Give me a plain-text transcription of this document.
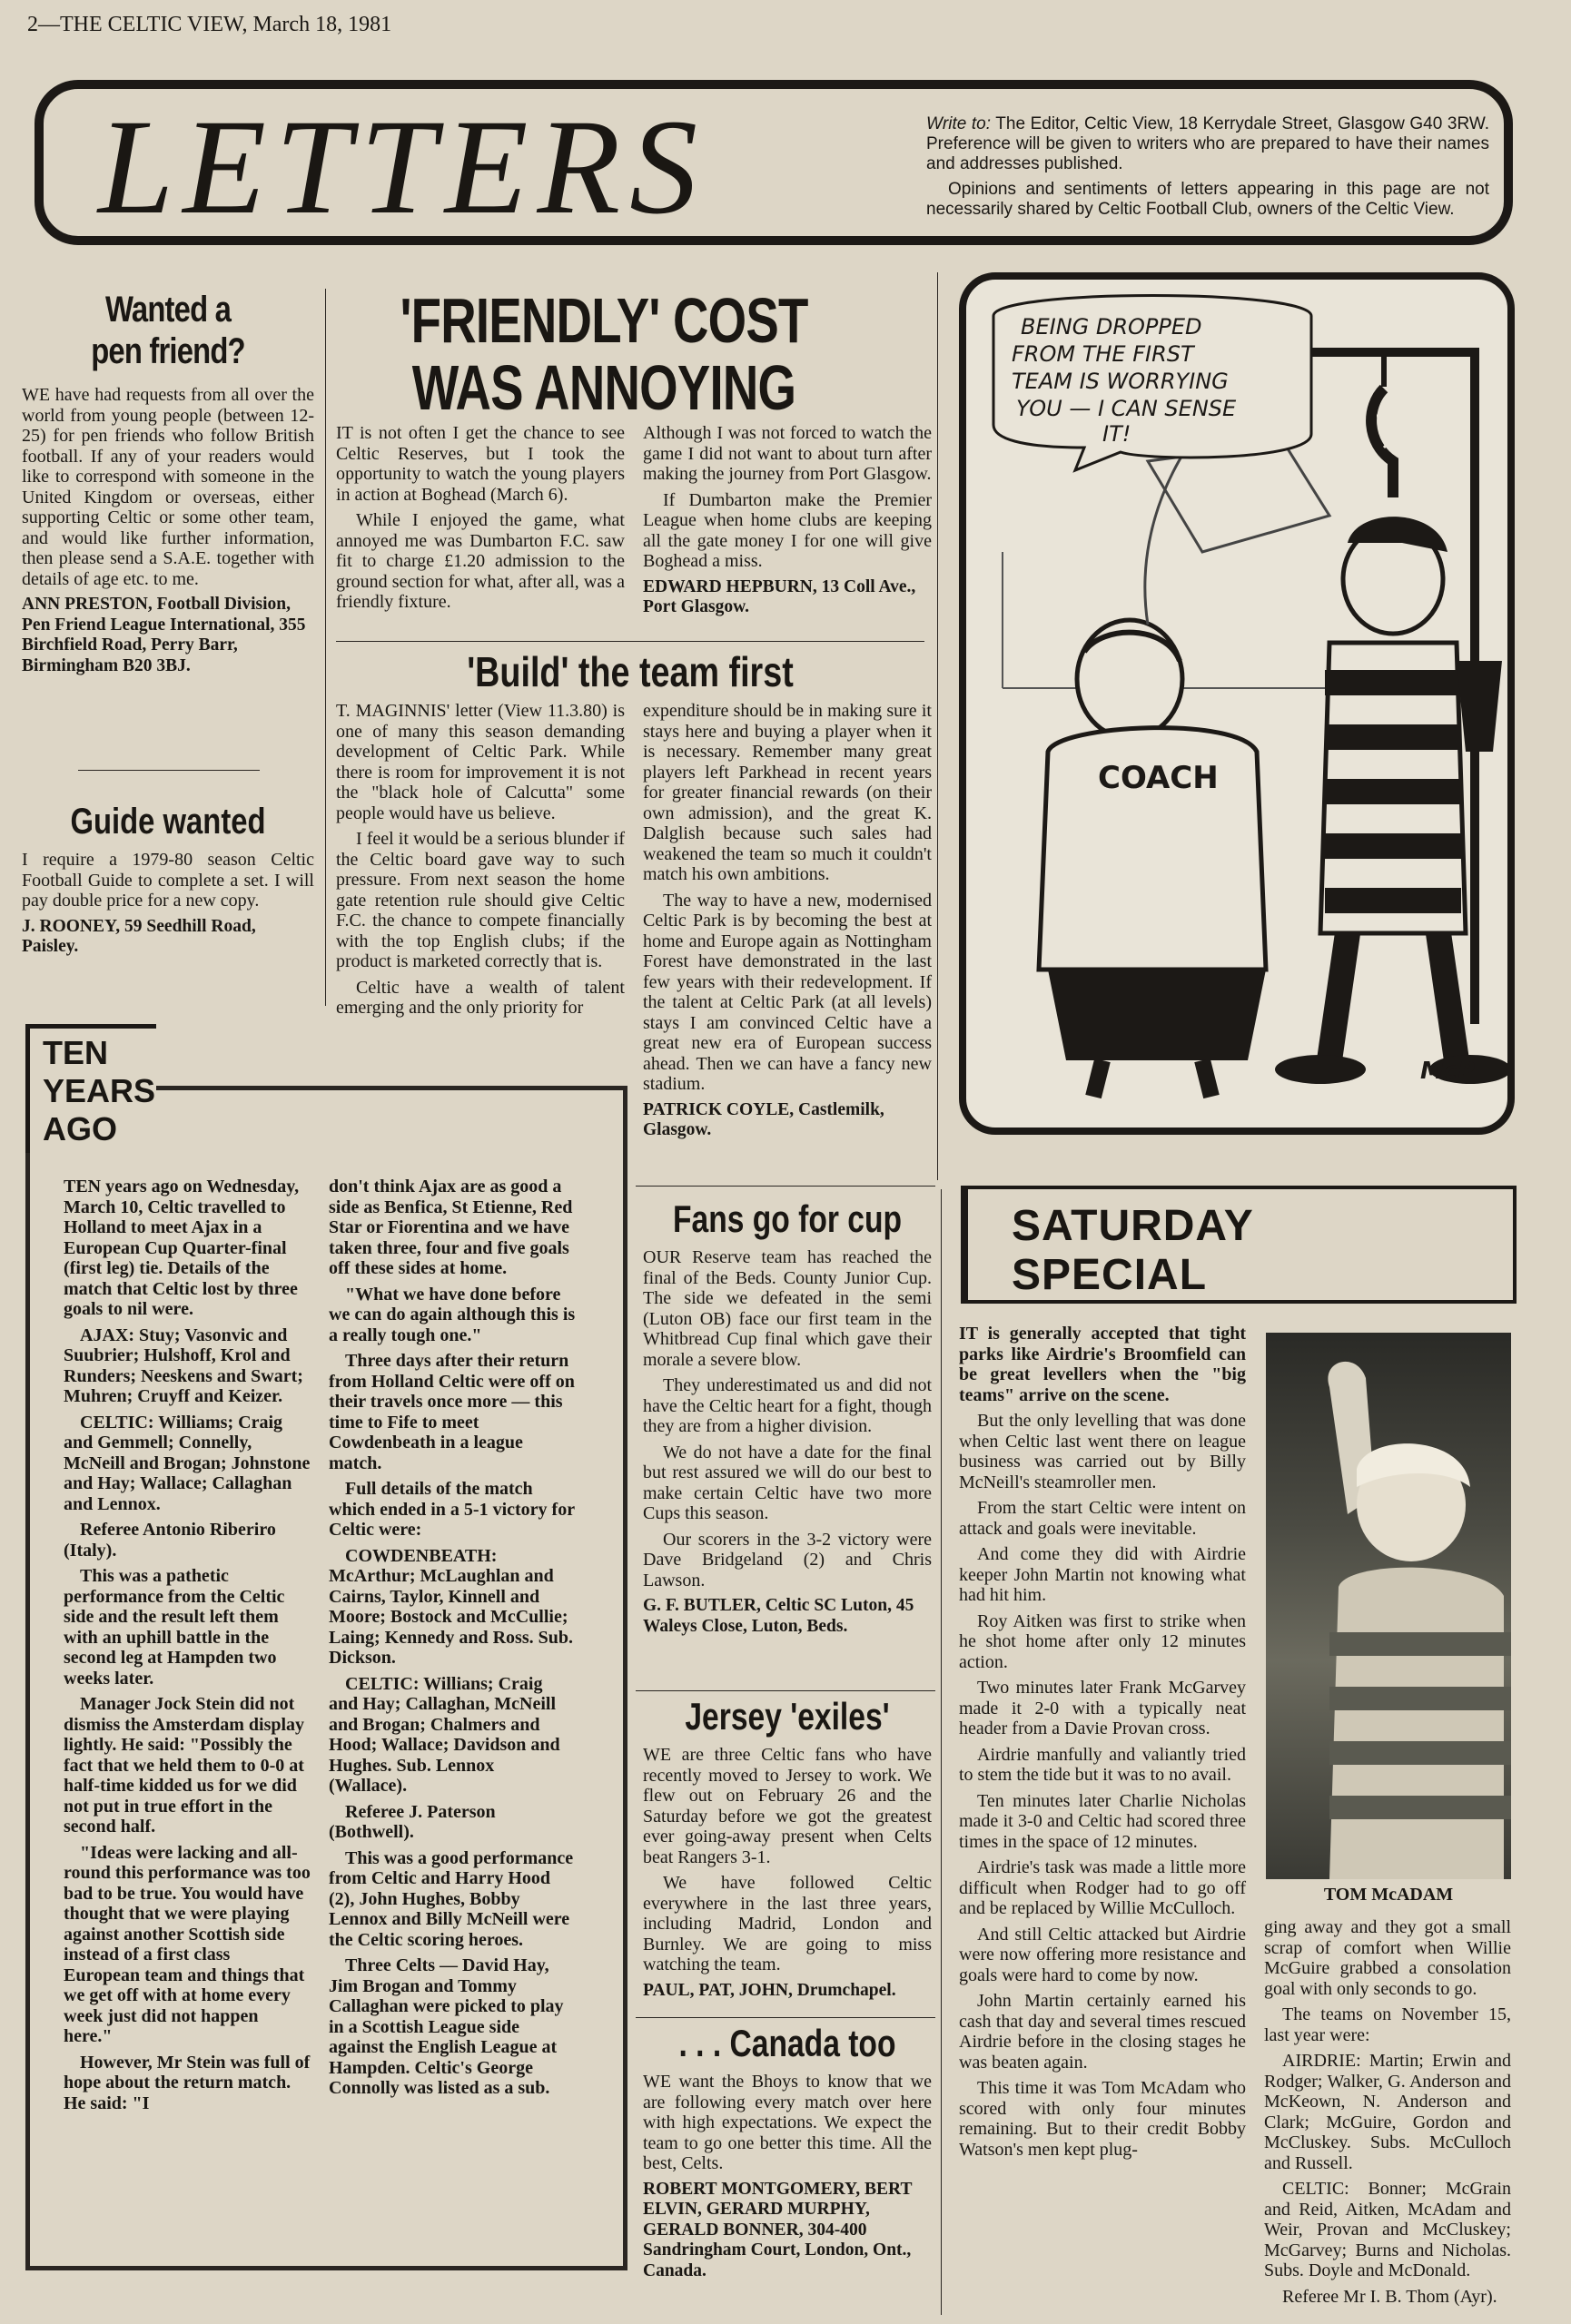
2—THE CELTIC VIEW, March 18, 1981
LETTERS	Write to: The Editor, Celtic View, 18 Kerrydale Street, Glasgow G40 3RW. Preference will be given to writers who are prepared to have their names and addresses published.
Opinions and sentiments of letters appearing in this page are not necessarily shared by Celtic Football Club, owners of the Celtic View.
Wanted a
pen friend?

WE have had requests from all over the world from young people (between 12-25) for pen friends who follow British football. If any of your readers would like to correspond with someone in the United Kingdom or overseas, either supporting Celtic or some other team, and would like further information, then please send a S.A.E. together with details of age etc. to me.

ANN PRESTON, Football Division, Pen Friend League International, 355 Birchfield Road, Perry Barr, Birmingham B20 3BJ.

Guide wanted

I require a 1979-80 season Celtic Football Guide to complete a set. I will pay double price for a new copy.

J. ROONEY, 59 Seedhill Road, Paisley.

'FRIENDLY' COST
WAS ANNOYING

IT is not often I get the chance to see Celtic Reserves, but I took the opportunity to watch the young players in action at Boghead (March 6).

While I enjoyed the game, what annoyed me was Dumbarton F.C. saw fit to charge £1.20 admission to the ground section for what, after all, was a friendly fixture.

Although I was not forced to watch the game I did not want to about turn after making the journey from Port Glasgow.

If Dumbarton make the Premier League when home clubs are keeping all the gate money I for one will give Boghead a miss.

EDWARD HEPBURN, 13 Coll Ave., Port Glasgow.

'Build' the team first

T. MAGINNIS' letter (View 11.3.80) is one of many this season demanding development of Celtic Park. While there is room for improvement it is not the "black hole of Calcutta" some people would have us believe.

I feel it would be a serious blunder if the Celtic board gave way to such pressure. From next season the home gate retention rule should give Celtic F.C. the chance to compete financially with the top English clubs; if the product is marketed correctly that is.

Celtic have a wealth of talent emerging and the only priority for

expenditure should be in making sure it stays here and buying a player when it is necessary. Remember many great players left Parkhead in recent years for greater financial rewards (on their own admission), and the great K. Dalglish because such sales had weakened the team so much it couldn't match his own ambitions.

The way to have a new, modernised Celtic Park is by becoming the best at home and Europe again as Nottingham Forest have demonstrated in the last few years with their redevelopment. If the talent at Celtic Park (at all levels) stays I am convinced Celtic have a great new era of European success ahead. Then we can have a fancy new stadium.

PATRICK COYLE, Castlemilk, Glasgow.

COACH
BEING DROPPED
FROM THE FIRST
TEAM IS WORRYING
YOU — I CAN SENSE
IT!
McP
TEN
YEARS
AGO

TEN years ago on Wednesday, March 10, Celtic travelled to Holland to meet Ajax in a European Cup Quarter-final (first leg) tie. Details of the match that Celtic lost by three goals to nil were.

AJAX: Stuy; Vasonvic and Suubrier; Hulshoff, Krol and Runders; Neeskens and Swart; Muhren; Cruyff and Keizer.

CELTIC: Williams; Craig and Gemmell; Connelly, McNeill and Brogan; Johnstone and Hay; Wallace; Callaghan and Lennox.

Referee Antonio Riberiro (Italy).

This was a pathetic performance from the Celtic side and the result left them with an uphill battle in the second leg at Hampden two weeks later.

Manager Jock Stein did not dismiss the Amsterdam display lightly. He said: "Possibly the fact that we held them to 0-0 at half-time kidded us for we did not put in true effort in the second half.

"Ideas were lacking and all-round this performance was too bad to be true. You would have thought that we were playing against another Scottish side instead of a first class European team and things that we get off with at home every week just did not happen here."

However, Mr Stein was full of hope about the return match. He said: "I

don't think Ajax are as good a side as Benfica, St Etienne, Red Star or Fiorentina and we have taken three, four and five goals off these sides at home.

"What we have done before we can do again although this is a really tough one."

Three days after their return from Holland Celtic were off on their travels once more — this time to Fife to meet Cowdenbeath in a league match.

Full details of the match which ended in a 5-1 victory for Celtic were:

COWDENBEATH: McArthur; McLaughlan and Cairns, Taylor, Kinnell and Moore; Bostock and McCullie; Laing; Kennedy and Ross. Sub. Dickson.

CELTIC: Willians; Craig and Hay; Callaghan, McNeill and Brogan; Chalmers and Hood; Wallace; Davidson and Hughes. Sub. Lennox (Wallace).

Referee J. Paterson (Bothwell).

This was a good performance from Celtic and Harry Hood (2), John Hughes, Bobby Lennox and Billy McNeill were the Celtic scoring heroes.

Three Celts — David Hay, Jim Brogan and Tommy Callaghan were picked to play in a Scottish League side against the English League at Hampden. Celtic's George Connolly was listed as a sub.

Fans go for cup

OUR Reserve team has reached the final of the Beds. County Junior Cup. The side we defeated in the semi (Luton OB) face our first team in the Whitbread Cup final which gave their morale a severe blow.

They underestimated us and did not have the Celtic heart for a fight, though they are from a higher division.

We do not have a date for the final but rest assured we will do our best to make certain Celtic have two more Cups this season.

Our scorers in the 3-2 victory were Dave Bridgeland (2) and Chris Lawson.

G. F. BUTLER, Celtic SC Luton, 45 Waleys Close, Luton, Beds.

Jersey 'exiles'

WE are three Celtic fans who have recently moved to Jersey to work. We flew out on February 26 and the Saturday before we got the greatest ever going-away present when Celts beat Rangers 3-1.

We have followed Celtic everywhere in the last three years, including Madrid, London and Burnley. We are going to miss watching the team.

PAUL, PAT, JOHN, Drumchapel.

. . . Canada too

WE want the Bhoys to know that we are following every match over here with high expectations. We expect the team to go one better this time. All the best, Celts.

ROBERT MONTGOMERY, BERT ELVIN, GERARD MURPHY, GERALD BONNER, 304-400 Sandringham Court, London, Ont., Canada.

SATURDAY
SPECIAL

IT is generally accepted that tight parks like Airdrie's Broomfield can be great levellers when the "big teams" arrive on the scene.

But the only levelling that was done when Celtic last went there on league business was carried out by Billy McNeill's steamroller men.

From the start Celtic were intent on attack and goals were inevitable.

And come they did with Airdrie keeper John Martin not knowing what had hit him.

Roy Aitken was first to strike when he shot home after only 12 minutes action.

Two minutes later Frank McGarvey made it 2-0 with a typically neat header from a Davie Provan cross.

Airdrie manfully and valiantly tried to stem the tide but it was to no avail.

Ten minutes later Charlie Nicholas made it 3-0 and Celtic had scored three times in the space of 12 minutes.

Airdrie's task was made a little more difficult when Rodger had to go off and be replaced by Willie McCulloch.

And still Celtic attacked but Airdrie were now offering more resistance and goals were hard to come by now.

John Martin certainly earned his cash that day and several times rescued Airdrie before in the closing stages he was beaten again.

This time it was Tom McAdam who scored with only four minutes remaining. But to their credit Bobby Watson's men kept plug-

TOM McADAM

ging away and they got a small scrap of comfort when Willie McGuire grabbed a consolation goal with only seconds to go.

The teams on November 15, last year were:

AIRDRIE: Martin; Erwin and Rodger; Walker, G. Anderson and McKeown, N. Anderson and Clark; McGuire, Gordon and McCluskey. Subs. McCulloch and Russell.

CELTIC: Bonner; McGrain and Reid, Aitken, McAdam and Weir, Provan and McCluskey; McGarvey; Burns and Nicholas. Subs. Doyle and McDonald.

Referee Mr I. B. Thom (Ayr).
